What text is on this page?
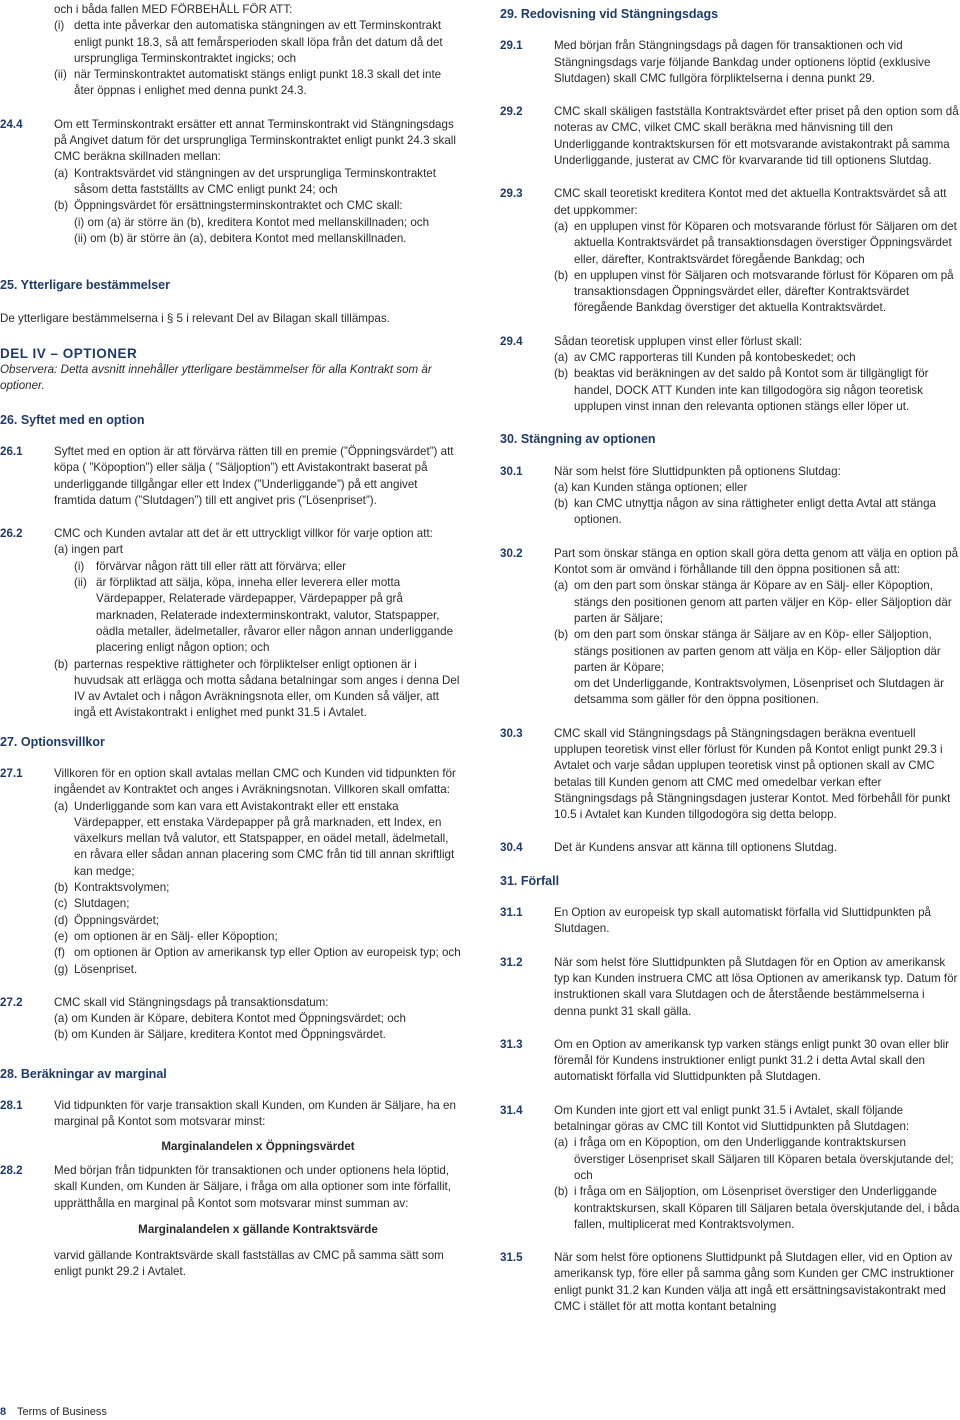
och i båda fallen MED FÖRBEHÅLL FÖR ATT:

(i) detta inte påverkar den automatiska stängningen av ett Terminskontrakt enligt punkt 18.3, så att femårsperioden skall löpa från det datum då det ursprungliga Terminskontraktet ingicks; och
(ii) när Terminskontraktet automatiskt stängs enligt punkt 18.3 skall det inte åter öppnas i enlighet med denna punkt 24.3.
24.4	Om ett Terminskontrakt ersätter ett annat Terminskontrakt vid Stängningsdags på Angivet datum för det ursprungliga Terminskontraktet enligt punkt 24.3 skall CMC beräkna skillnaden mellan:

(a) Kontraktsvärdet vid stängningen av det ursprungliga Terminskontraktet såsom detta fastställts av CMC enligt punkt 24; och
(b) Öppningsvärdet för ersättningsterminskontraktet och CMC skall:

(i) om (a) är större än (b), kreditera Kontot med mellanskillnaden; och

(ii) om (b) är större än (a), debitera Kontot med mellanskillnaden.

25. Ytterligare bestämmelser

De ytterligare bestämmelserna i § 5 i relevant Del av Bilagan skall tillämpas.

DEL IV – OPTIONER

Observera: Detta avsnitt innehåller ytterligare bestämmelser för alla Kontrakt som är optioner.

26. Syftet med en option

26.1	Syftet med en option är att förvärva rätten till en premie (”Öppningsvärdet”) att köpa ( ”Köpoption”) eller sälja ( ”Säljoption”) ett Avistakontrakt baserat på underliggande tillgångar eller ett Index (”Underliggande”) på ett angivet framtida datum (”Slutdagen”) till ett angivet pris (”Lösenpriset”).

26.2	CMC och Kunden avtalar att det är ett uttryckligt villkor för varje option att:

(a) ingen part

(i) förvärvar någon rätt till eller rätt att förvärva; eller
(ii) är förpliktad att sälja, köpa, inneha eller leverera eller motta Värdepapper, Relaterade värdepapper, Värdepapper på grå marknaden, Relaterade indexterminskontrakt, valutor, Statspapper, oädla metaller, ädelmetaller, råvaror eller någon annan underliggande placering enligt någon option; och
(b) parternas respektive rättigheter och förpliktelser enligt optionen är i huvudsak att erlägga och motta sådana betalningar som anges i denna Del IV av Avtalet och i någon Avräkningsnota eller, om Kunden så väljer, att ingå ett Avistakontrakt i enlighet med punkt 31.5 i Avtalet.

27. Optionsvillkor

27.1	Villkoren för en option skall avtalas mellan CMC och Kunden vid tidpunkten för ingåendet av Kontraktet och anges i Avräkningsnotan. Villkoren skall omfatta:

(a) Underliggande som kan vara ett Avistakontrakt eller ett enstaka Värdepapper, ett enstaka Värdepapper på grå marknaden, ett Index, en växelkurs mellan två valutor, ett Statspapper, en oädel metall, ädelmetall, en råvara eller sådan annan placering som CMC från tid till annan skriftligt kan medge;
(b) Kontraktsvolymen;
(c) Slutdagen;
(d) Öppningsvärdet;
(e) om optionen är en Sälj- eller Köpoption;
(f) om optionen är Option av amerikansk typ eller Option av europeisk typ; och
(g) Lösenpriset.
27.2	CMC skall vid Stängningsdags på transaktionsdatum:

(a) om Kunden är Köpare, debitera Kontot med Öppningsvärdet; och

(b) om Kunden är Säljare, kreditera Kontot med Öppningsvärdet.

28. Beräkningar av marginal

28.1	Vid tidpunkten för varje transaktion skall Kunden, om Kunden är Säljare, ha en marginal på Kontot som motsvarar minst:

Marginalandelen x Öppningsvärdet

28.2	Med början från tidpunkten för transaktionen och under optionens hela löptid, skall Kunden, om Kunden är Säljare, i fråga om alla optioner som inte förfallit, upprätthålla en marginal på Kontot som motsvarar minst summan av:

Marginalandelen x gällande Kontraktsvärde

varvid gällande Kontraktsvärde skall fastställas av CMC på samma sätt som enligt punkt 29.2 i Avtalet.

29. Redovisning vid Stängningsdags

29.1	Med början från Stängningsdags på dagen för transaktionen och vid Stängningsdags varje följande Bankdag under optionens löptid (exklusive Slutdagen) skall CMC fullgöra förpliktelserna i denna punkt 29.

29.2	CMC skall skäligen fastställa Kontraktsvärdet efter priset på den option som då noteras av CMC, vilket CMC skall beräkna med hänvisning till den Underliggande kontraktskursen för ett motsvarande avistakontrakt på samma Underliggande, justerat av CMC för kvarvarande tid till optionens Slutdag.

29.3	CMC skall teoretiskt kreditera Kontot med det aktuella Kontraktsvärdet så att det uppkommer:

(a) en upplupen vinst för Köparen och motsvarande förlust för Säljaren om det aktuella Kontraktsvärdet på transaktionsdagen överstiger Öppningsvärdet eller, därefter, Kontraktsvärdet föregående Bankdag; och
(b) en upplupen vinst för Säljaren och motsvarande förlust för Köparen om på transaktionsdagen Öppningsvärdet eller, därefter Kontraktsvärdet föregående Bankdag överstiger det aktuella Kontraktsvärdet.
29.4	Sådan teoretisk upplupen vinst eller förlust skall:

(a) av CMC rapporteras till Kunden på kontobeskedet; och
(b) beaktas vid beräkningen av det saldo på Kontot som är tillgängligt för handel, DOCK ATT Kunden inte kan tillgodogöra sig någon teoretisk upplupen vinst innan den relevanta optionen stängs eller löper ut.

30. Stängning av optionen

30.1	När som helst före Sluttidpunkten på optionens Slutdag:

(a) kan Kunden stänga optionen; eller

(b) kan CMC utnyttja någon av sina rättigheter enligt detta Avtal att stänga optionen.
30.2	Part som önskar stänga en option skall göra detta genom att välja en option på Kontot som är omvänd i förhållande till den öppna positionen så att:

(a) om den part som önskar stänga är Köpare av en Sälj- eller Köpoption, stängs den positionen genom att parten väljer en Köp- eller Säljoption där parten är Säljare;
(b) om den part som önskar stänga är Säljare av en Köp- eller Säljoption, stängs positionen av parten genom att välja en Köp- eller Säljoption där parten är Köpare;

om det Underliggande, Kontraktsvolymen, Lösenpriset och Slutdagen är detsamma som gäller för den öppna positionen.

30.3	CMC skall vid Stängningsdags på Stängningsdagen beräkna eventuell upplupen teoretisk vinst eller förlust för Kunden på Kontot enligt punkt 29.3 i Avtalet och varje sådan upplupen teoretisk vinst på optionen skall av CMC betalas till Kunden genom att CMC med omedelbar verkan efter Stängningsdags på Stängningsdagen justerar Kontot. Med förbehåll för punkt 10.5 i Avtalet kan Kunden tillgodogöra sig detta belopp.

30.4	Det är Kundens ansvar att känna till optionens Slutdag.

31. Förfall

31.1	En Option av europeisk typ skall automatiskt förfalla vid Sluttidpunkten på Slutdagen.

31.2	När som helst före Sluttidpunkten på Slutdagen för en Option av amerikansk typ kan Kunden instruera CMC att lösa Optionen av amerikansk typ. Datum för instruktionen skall vara Slutdagen och de återstående bestämmelserna i denna punkt 31 skall gälla.

31.3	Om en Option av amerikansk typ varken stängs enligt punkt 30 ovan eller blir föremål för Kundens instruktioner enligt punkt 31.2 i detta Avtal skall den automatiskt förfalla vid Sluttidpunkten på Slutdagen.

31.4	Om Kunden inte gjort ett val enligt punkt 31.5 i Avtalet, skall följande betalningar göras av CMC till Kontot vid Sluttidpunkten på Slutdagen:

(a) i fråga om en Köpoption, om den Underliggande kontraktskursen överstiger Lösenpriset skall Säljaren till Köparen betala överskjutande del; och
(b) i fråga om en Säljoption, om Lösenpriset överstiger den Underliggande kontraktskursen, skall Köparen till Säljaren betala överskjutande del, i båda fallen, multiplicerat med Kontraktsvolymen.
31.5	När som helst före optionens Sluttidpunkt på Slutdagen eller, vid en Option av amerikansk typ, före eller på samma gång som Kunden ger CMC instruktioner enligt punkt 31.2 kan Kunden välja att ingå ett ersättningsavistakontrakt med CMC i stället för att motta kontant betalning

8 Terms of Business
